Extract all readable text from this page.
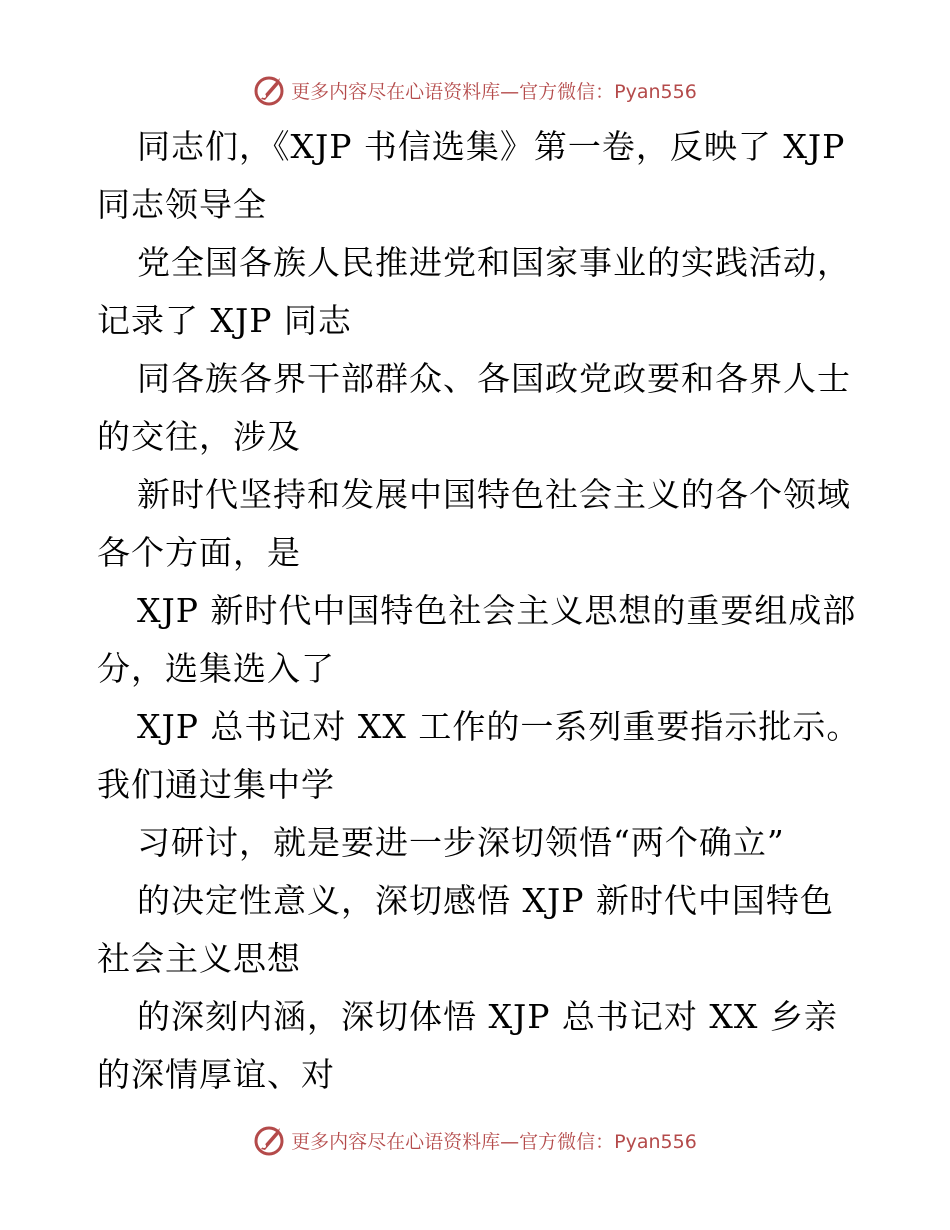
更多内容尽在心语资料库—官方微信：Pyan556
同志们，《XJP 书信选集》第一卷，反映了 XJP
同志领导全
党全国各族人民推进党和国家事业的实践活动，
记录了 XJP 同志
同各族各界干部群众、各国政党政要和各界人士
的交往，涉及
新时代坚持和发展中国特色社会主义的各个领域
各个方面，是
XJP 新时代中国特色社会主义思想的重要组成部
分，选集选入了
XJP 总书记对 XX 工作的一系列重要指示批示。
我们通过集中学
习研讨，就是要进一步深切领悟“两个确立”
的决定性意义，深切感悟 XJP 新时代中国特色
社会主义思想
的深刻内涵，深切体悟 XJP 总书记对 XX 乡亲
的深情厚谊、对
更多内容尽在心语资料库—官方微信：Pyan556
